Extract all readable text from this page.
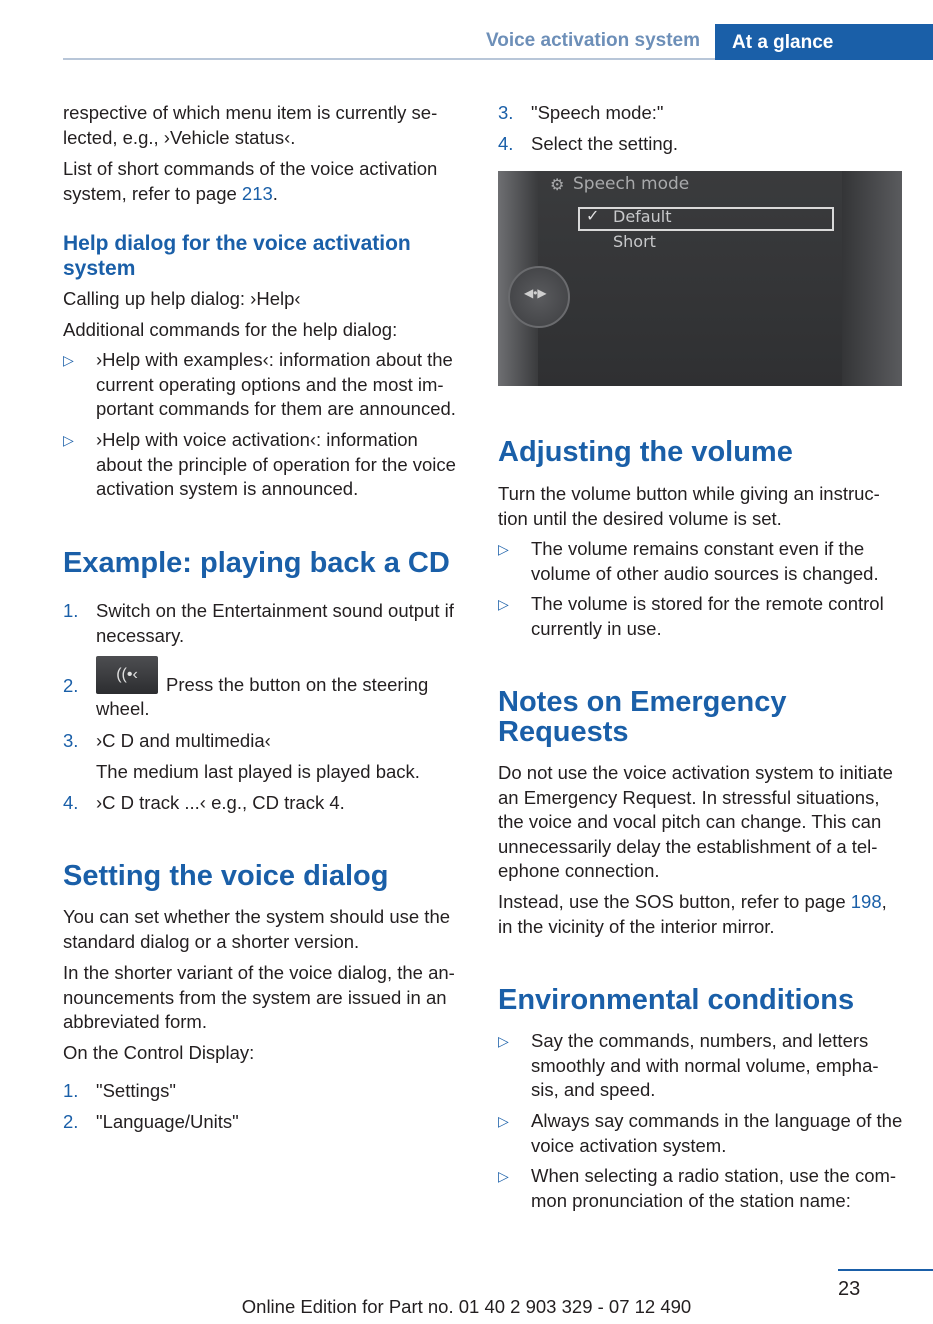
Voice activation system At a glance

respective of which menu item is currently se- lected, e.g., ›Vehicle status‹.

List of short commands of the voice activation system, refer to page 213.

Help dialog for the voice activation system

Calling up help dialog: ›Help‹

Additional commands for the help dialog:

▷ ›Help with examples‹: information about the current operating options and the most im- portant commands for them are announced.

▷ ›Help with voice activation‹: information about the principle of operation for the voice activation system is announced.

Example: playing back a CD
1. Switch on the Entertainment sound output if necessary.

2.
((•‹	Press the button on the steering

wheel.

3. ›C D and multimedia‹

The medium last played is played back.

4. ›C D track ...‹ e.g., CD track 4.

Setting the voice dialog

You can set whether the system should use the standard dialog or a shorter version.

In the shorter variant of the voice dialog, the an- nouncements from the system are issued in an abbreviated form.

On the Control Display:

1. "Settings"

2. "Language/Units"

3. "Speech mode:"

4. Select the setting.

⚙ Speech mode
✓ Default
Short
◀•▶
Adjusting the volume

Turn the volume button while giving an instruc- tion until the desired volume is set.

▷ The volume remains constant even if the volume of other audio sources is changed.

▷ The volume is stored for the remote control currently in use.

Notes on Emergency Requests

Do not use the voice activation system to initiate an Emergency Request. In stressful situations, the voice and vocal pitch can change. This can unnecessarily delay the establishment of a tel- ephone connection.

Instead, use the SOS button, refer to page 198, in the vicinity of the interior mirror.

Environmental conditions
▷ Say the commands, numbers, and letters smoothly and with normal volume, empha- sis, and speed.

▷ Always say commands in the language of the voice activation system.

▷ When selecting a radio station, use the com- mon pronunciation of the station name:

23
Online Edition for Part no. 01 40 2 903 329 - 07 12 490
